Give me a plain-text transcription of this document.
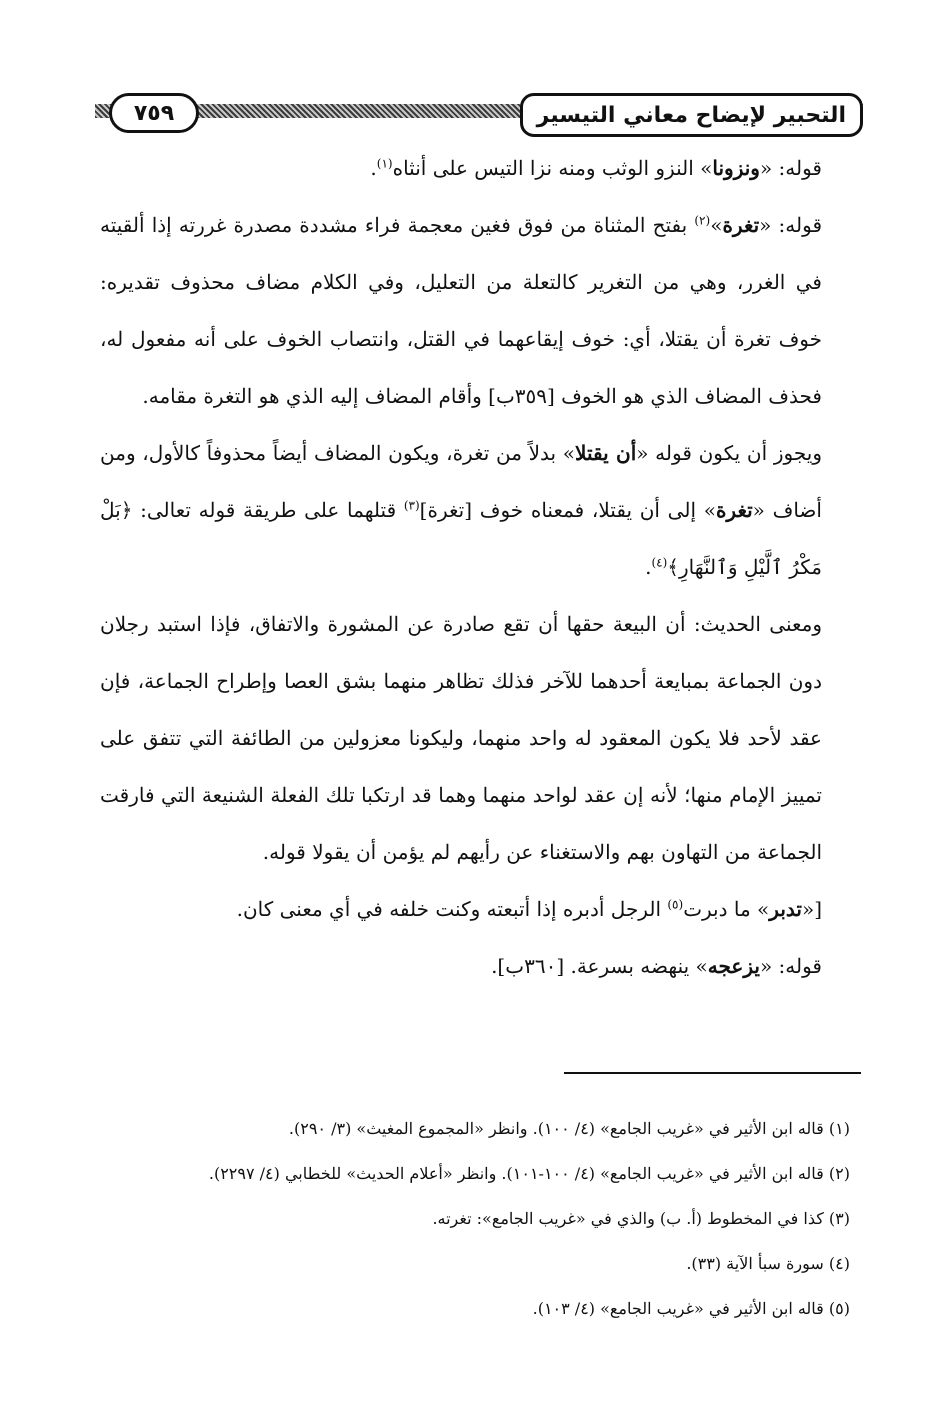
٧٥٩	التحبير لإيضاح معاني التيسير

قوله: «ونزونا» النزو الوثب ومنه نزا التيس على أنثاه$^{(١)}$.

قوله: «تغرة»$^{(٢)}$ بفتح المثناة من فوق فغين معجمة فراء مشددة مصدرة غررته إذا ألقيته في الغرر، وهي من التغرير كالتعلة من التعليل، وفي الكلام مضاف محذوف تقديره: خوف تغرة أن يقتلا، أي: خوف إيقاعهما في القتل، وانتصاب الخوف على أنه مفعول له، فحذف المضاف الذي هو الخوف [٣٥٩ب] وأقام المضاف إليه الذي هو التغرة مقامه.

ويجوز أن يكون قوله «أن يقتلا» بدلاً من تغرة، ويكون المضاف أيضاً محذوفاً كالأول، ومن أضاف «تغرة» إلى أن يقتلا، فمعناه خوف [تغرة]$^{(٣)}$ قتلهما على طريقة قوله تعالى: ﴿بَلْ مَكْرُ ٱلَّيْلِ وَٱلنَّهَارِ﴾$^{(٤)}$.

ومعنى الحديث: أن البيعة حقها أن تقع صادرة عن المشورة والاتفاق، فإذا استبد رجلان دون الجماعة بمبايعة أحدهما للآخر فذلك تظاهر منهما بشق العصا وإطراح الجماعة، فإن عقد لأحد فلا يكون المعقود له واحد منهما، وليكونا معزولين من الطائفة التي تتفق على تمييز الإمام منها؛ لأنه إن عقد لواحد منهما وهما قد ارتكبا تلك الفعلة الشنيعة التي فارقت الجماعة من التهاون بهم والاستغناء عن رأيهم لم يؤمن أن يقولا قوله.

[«تدبر» ما دبرت$^{(٥)}$ الرجل أدبره إذا أتبعته وكنت خلفه في أي معنى كان.

قوله: «يزعجه» ينهضه بسرعة. [٣٦٠ب].

(١) قاله ابن الأثير في «غريب الجامع» (٤/ ١٠٠). وانظر «المجموع المغيث» (٣/ ٢٩٠).

(٢) قاله ابن الأثير في «غريب الجامع» (٤/ ١٠٠-١٠١). وانظر «أعلام الحديث» للخطابي (٤/ ٢٢٩٧).

(٣) كذا في المخطوط (أ. ب) والذي في «غريب الجامع»: تغرته.

(٤) سورة سبأ الآية (٣٣).

(٥) قاله ابن الأثير في «غريب الجامع» (٤/ ١٠٣).
